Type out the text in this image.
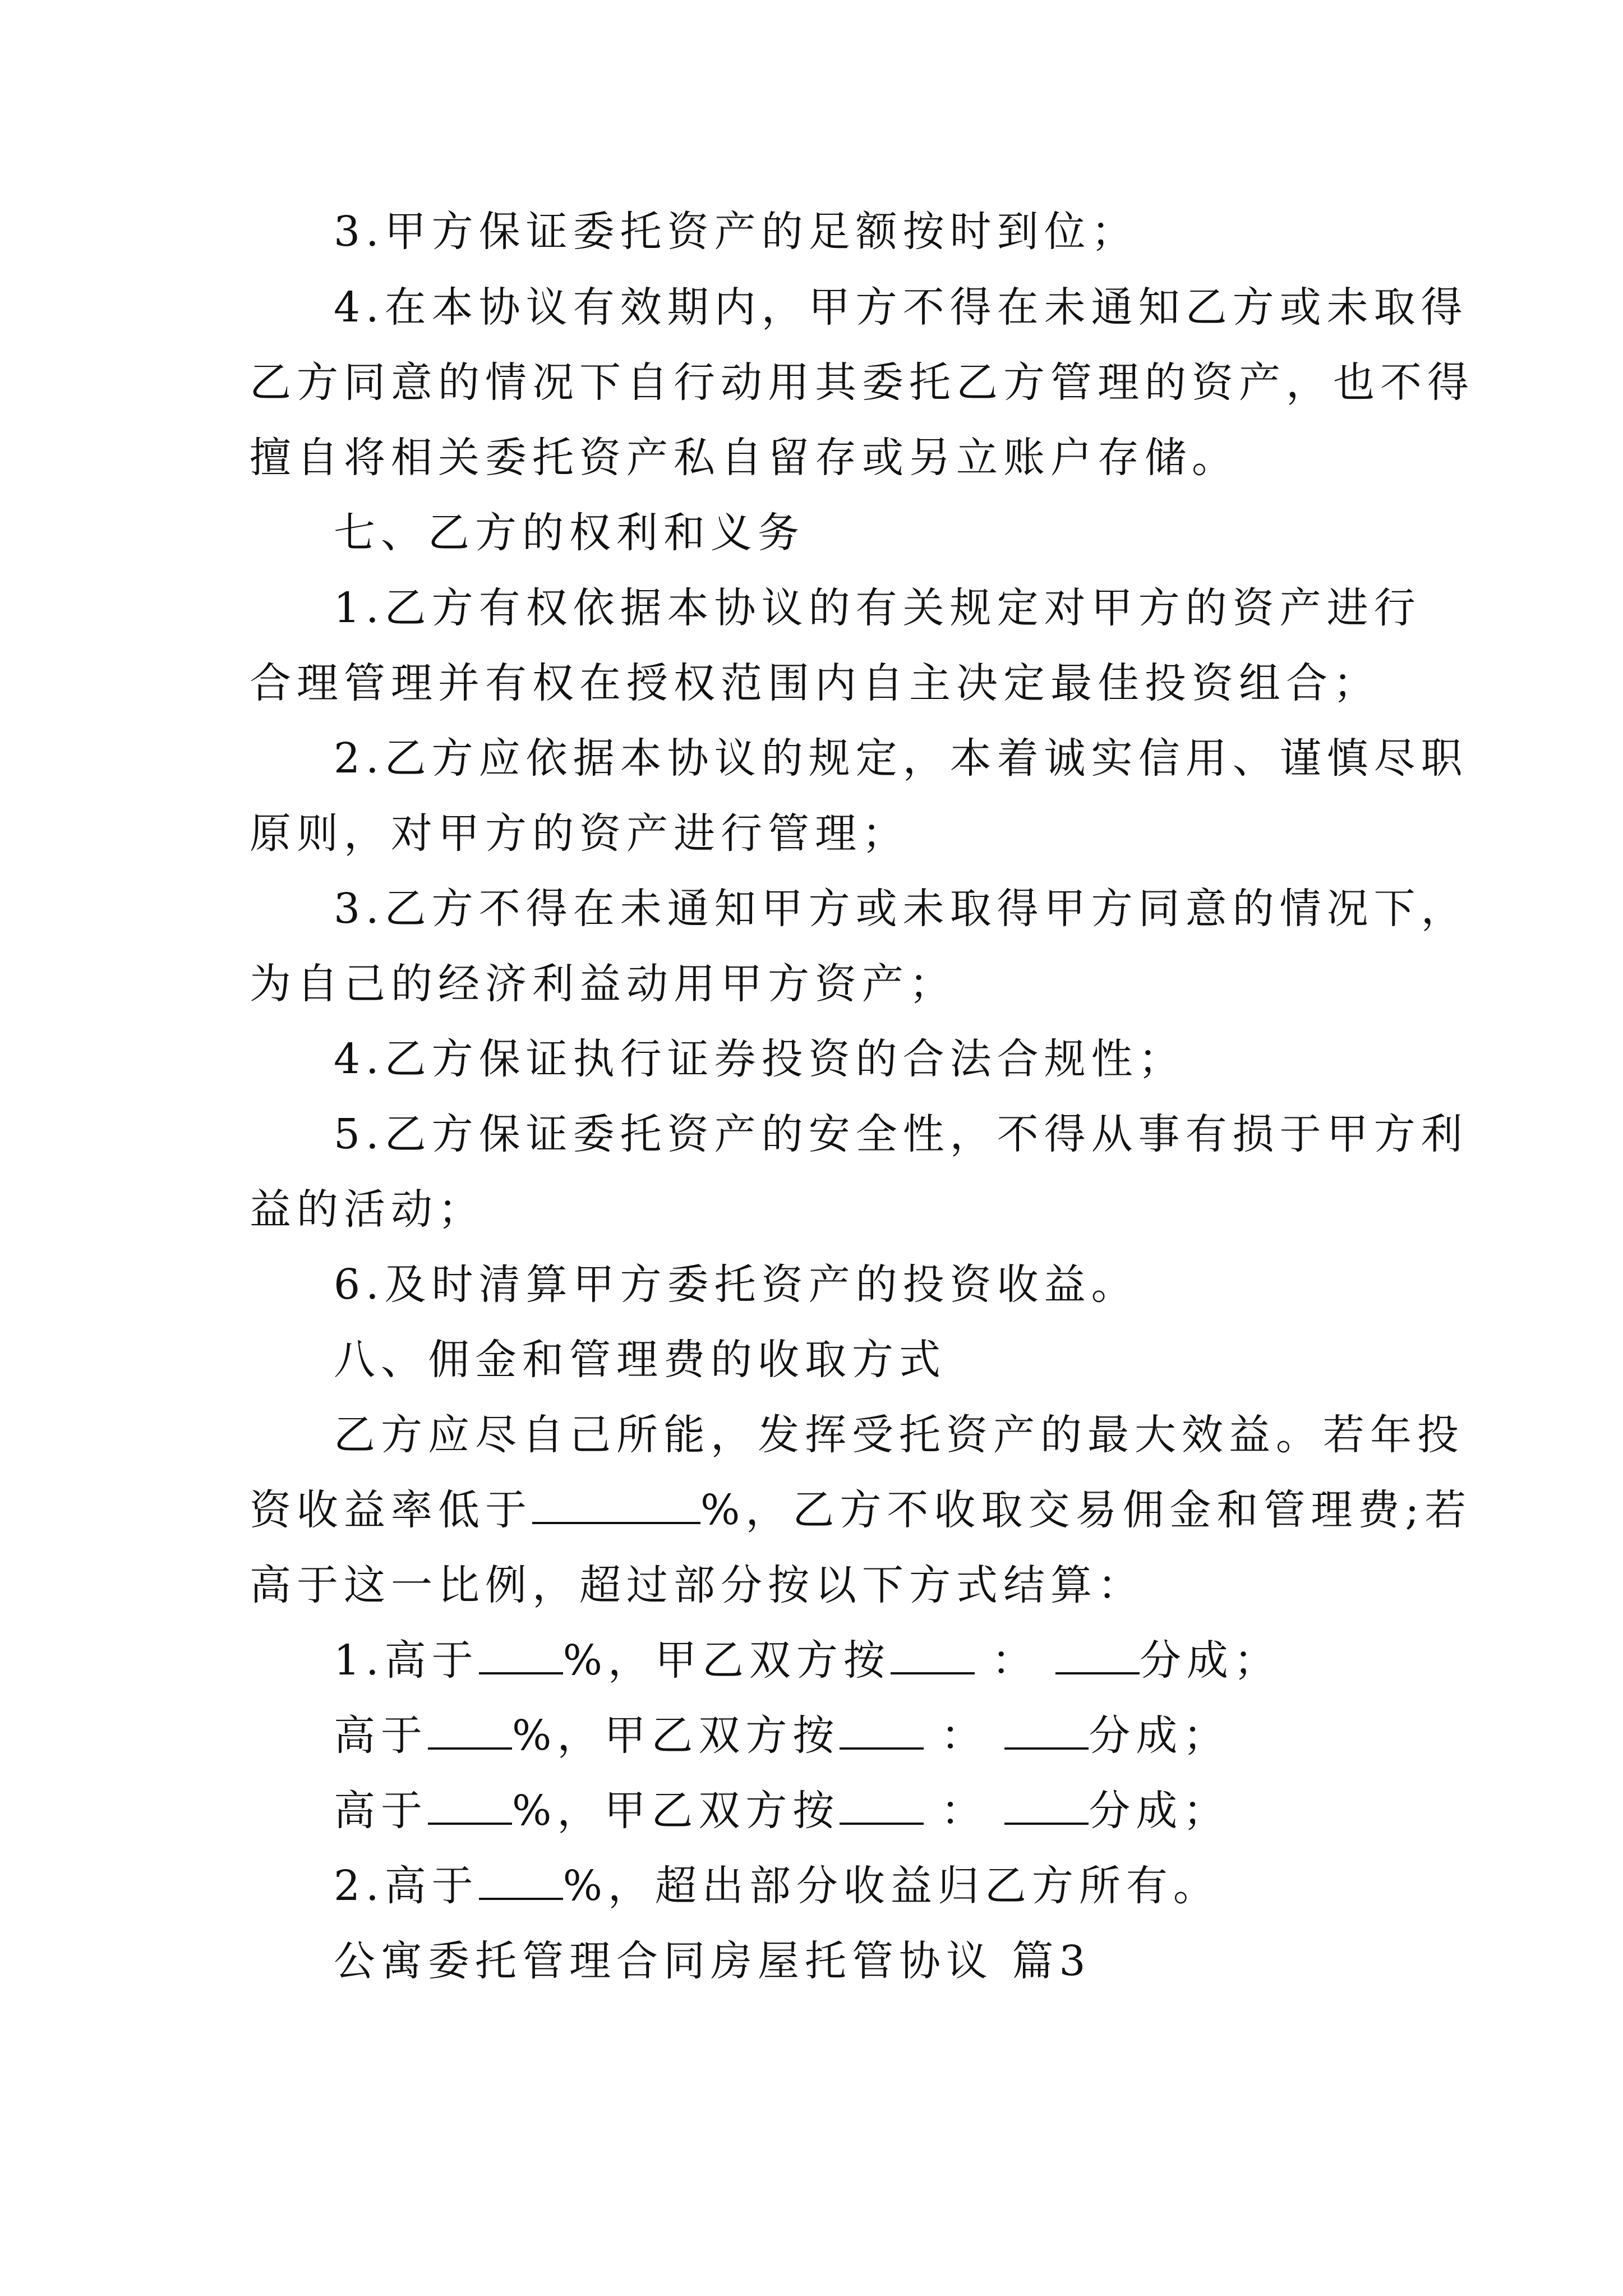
3.甲方保证委托资产的足额按时到位；
4.在本协议有效期内，甲方不得在未通知乙方或未取得
乙方同意的情况下自行动用其委托乙方管理的资产，也不得
擅自将相关委托资产私自留存或另立账户存储。
七、乙方的权利和义务
1.乙方有权依据本协议的有关规定对甲方的资产进行
合理管理并有权在授权范围内自主决定最佳投资组合；
2.乙方应依据本协议的规定，本着诚实信用、谨慎尽职
原则，对甲方的资产进行管理；
3.乙方不得在未通知甲方或未取得甲方同意的情况下，
为自己的经济利益动用甲方资产；
4.乙方保证执行证券投资的合法合规性；
5.乙方保证委托资产的安全性，不得从事有损于甲方利
益的活动；
6.及时清算甲方委托资产的投资收益。
八、佣金和管理费的收取方式
乙方应尽自己所能，发挥受托资产的最大效益。若年投
资收益率低于	%，乙方不收取交易佣金和管理费;若
高于这一比例，超过部分按以下方式结算：
1.高于 %，甲乙双方按 ： 分成；
高于 %，甲乙双方按 ： 分成；
高于 %，甲乙双方按 ： 分成；
2.高于 %，超出部分收益归乙方所有。
公寓委托管理合同房屋托管协议 篇3
